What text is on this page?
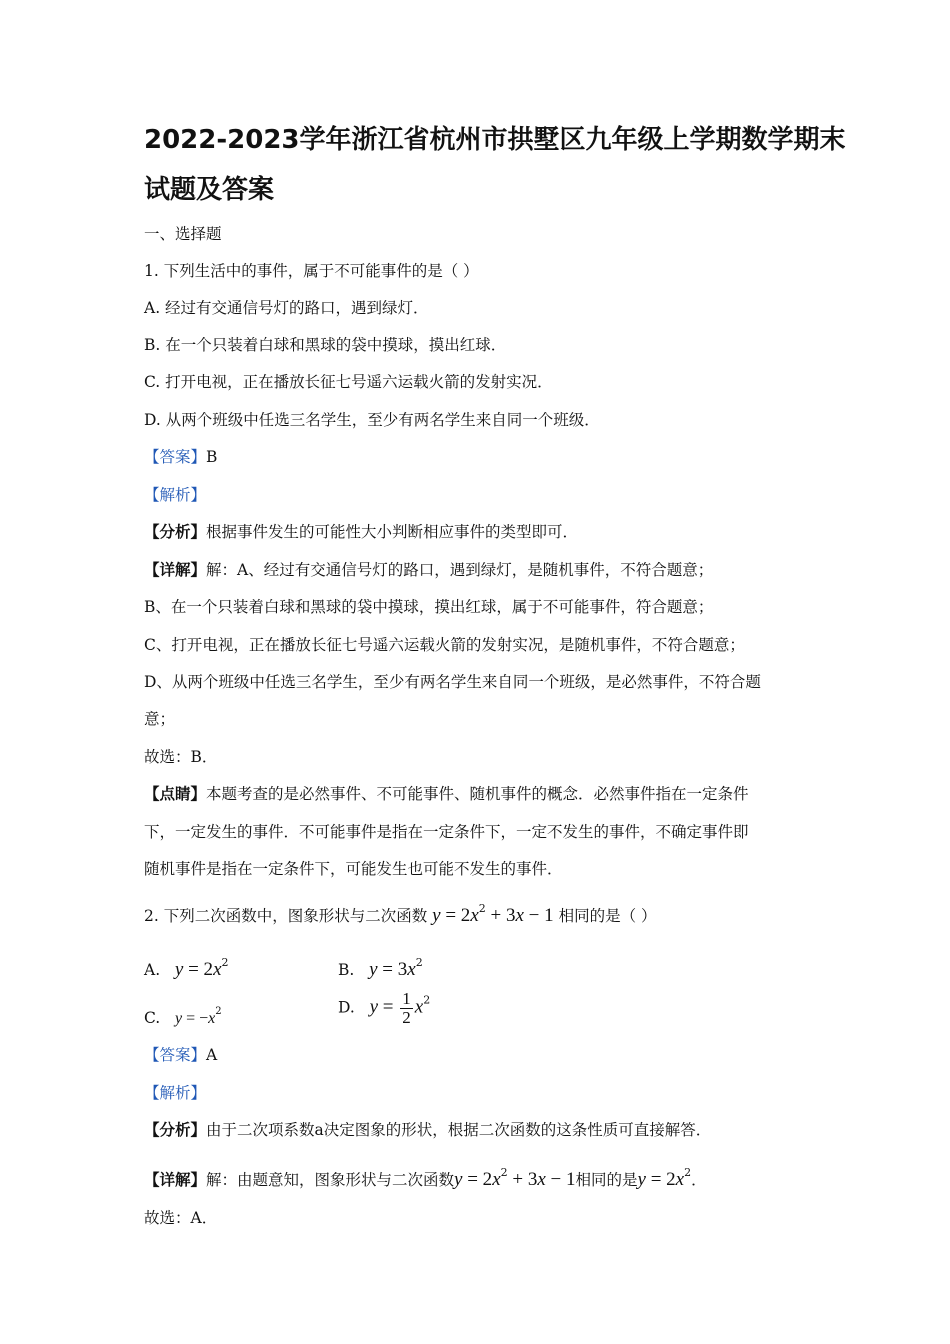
2022-2023学年浙江省杭州市拱墅区九年级上学期数学期末
试题及答案
一、选择题
1. 下列生活中的事件，属于不可能事件的是（ ）
A. 经过有交通信号灯的路口，遇到绿灯．
B. 在一个只装着白球和黑球的袋中摸球，摸出红球．
C. 打开电视，正在播放长征七号遥六运载火箭的发射实况．
D. 从两个班级中任选三名学生，至少有两名学生来自同一个班级．
【答案】B
【解析】
【分析】根据事件发生的可能性大小判断相应事件的类型即可．
【详解】解：A、经过有交通信号灯的路口，遇到绿灯，是随机事件，不符合题意；
B、在一个只装着白球和黑球的袋中摸球，摸出红球，属于不可能事件，符合题意；
C、打开电视，正在播放长征七号遥六运载火箭的发射实况，是随机事件，不符合题意；
D、从两个班级中任选三名学生，至少有两名学生来自同一个班级，是必然事件，不符合题
意；
故选：B．
【点睛】本题考查的是必然事件、不可能事件、随机事件的概念．必然事件指在一定条件
下，一定发生的事件．不可能事件是指在一定条件下，一定不发生的事件，不确定事件即
随机事件是指在一定条件下，可能发生也可能不发生的事件．
2. 下列二次函数中，图象形状与二次函数 $y = 2x^2 + 3x - 1$ 相同的是（ ）
A. $y = 2x^2$	B. $y = 3x^2$
C. $y = -x^2$	D. $y = \frac{1}{2} x^2$
【答案】A
【解析】
【分析】由于二次项系数a决定图象的形状，根据二次函数的这条性质可直接解答．
【详解】解：由题意知，图象形状与二次函数$y = 2x^2 + 3x - 1$相同的是$y = 2x^2$．
故选：A．
